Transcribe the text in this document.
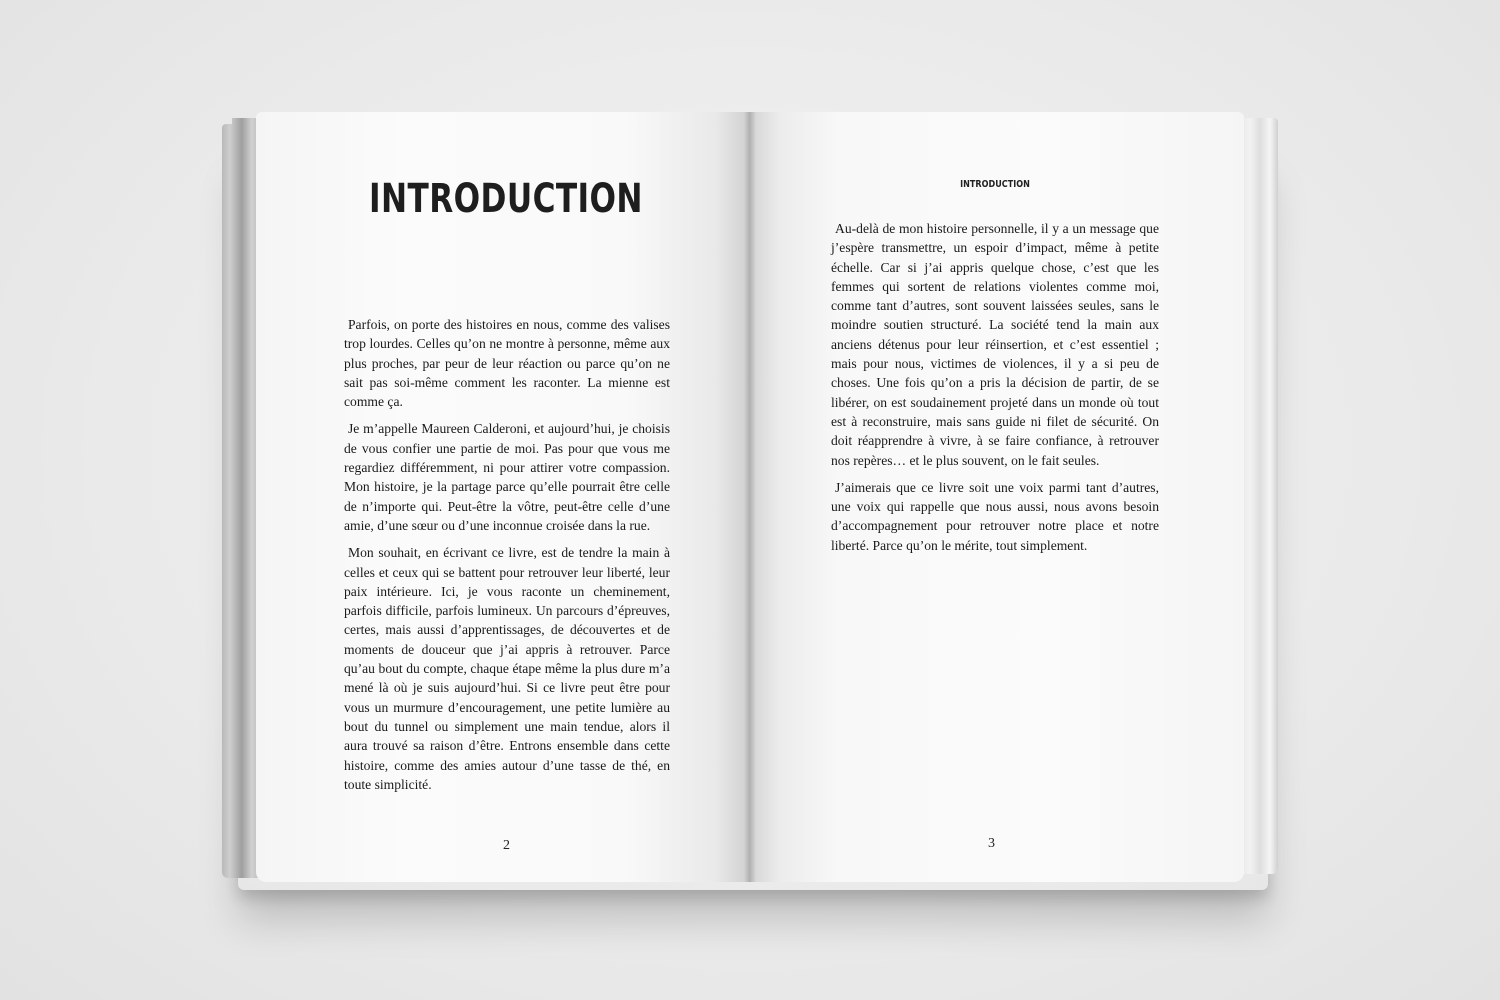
INTRODUCTION

Parfois, on porte des histoires en nous, comme des valises trop lourdes. Celles qu’on ne montre à personne, même aux plus proches, par peur de leur réaction ou parce qu’on ne sait pas soi-même comment les raconter. La mienne est comme ça.

Je m’appelle Maureen Calderoni, et aujourd’hui, je choisis de vous confier une partie de moi. Pas pour que vous me regardiez différemment, ni pour attirer votre compassion. Mon histoire, je la partage parce qu’elle pourrait être celle de n’importe qui. Peut-être la vôtre, peut-être celle d’une amie, d’une sœur ou d’une inconnue croisée dans la rue.

Mon souhait, en écrivant ce livre, est de tendre la main à celles et ceux qui se battent pour retrouver leur liberté, leur paix intérieure. Ici, je vous raconte un cheminement, parfois difficile, parfois lumineux. Un parcours d’épreuves, certes, mais aussi d’apprentissages, de découvertes et de moments de douceur que j’ai appris à retrouver. Parce qu’au bout du compte, chaque étape même la plus dure m’a mené là où je suis aujourd’hui. Si ce livre peut être pour vous un murmure d’encouragement, une petite lumière au bout du tunnel ou simplement une main tendue, alors il aura trouvé sa raison d’être. Entrons ensemble dans cette histoire, comme des amies autour d’une tasse de thé, en toute simplicité.

2
INTRODUCTION

Au-delà de mon histoire personnelle, il y a un message que j’espère transmettre, un espoir d’impact, même à petite échelle. Car si j’ai appris quelque chose, c’est que les femmes qui sortent de relations violentes comme moi, comme tant d’autres, sont souvent laissées seules, sans le moindre soutien structuré. La société tend la main aux anciens détenus pour leur réinsertion, et c’est essentiel ; mais pour nous, victimes de violences, il y a si peu de choses. Une fois qu’on a pris la décision de partir, de se libérer, on est soudainement projeté dans un monde où tout est à reconstruire, mais sans guide ni filet de sécurité. On doit réapprendre à vivre, à se faire confiance, à retrouver nos repères… et le plus souvent, on le fait seules.

J’aimerais que ce livre soit une voix parmi tant d’autres, une voix qui rappelle que nous aussi, nous avons besoin d’accompagnement pour retrouver notre place et notre liberté. Parce qu’on le mérite, tout simplement.

3
